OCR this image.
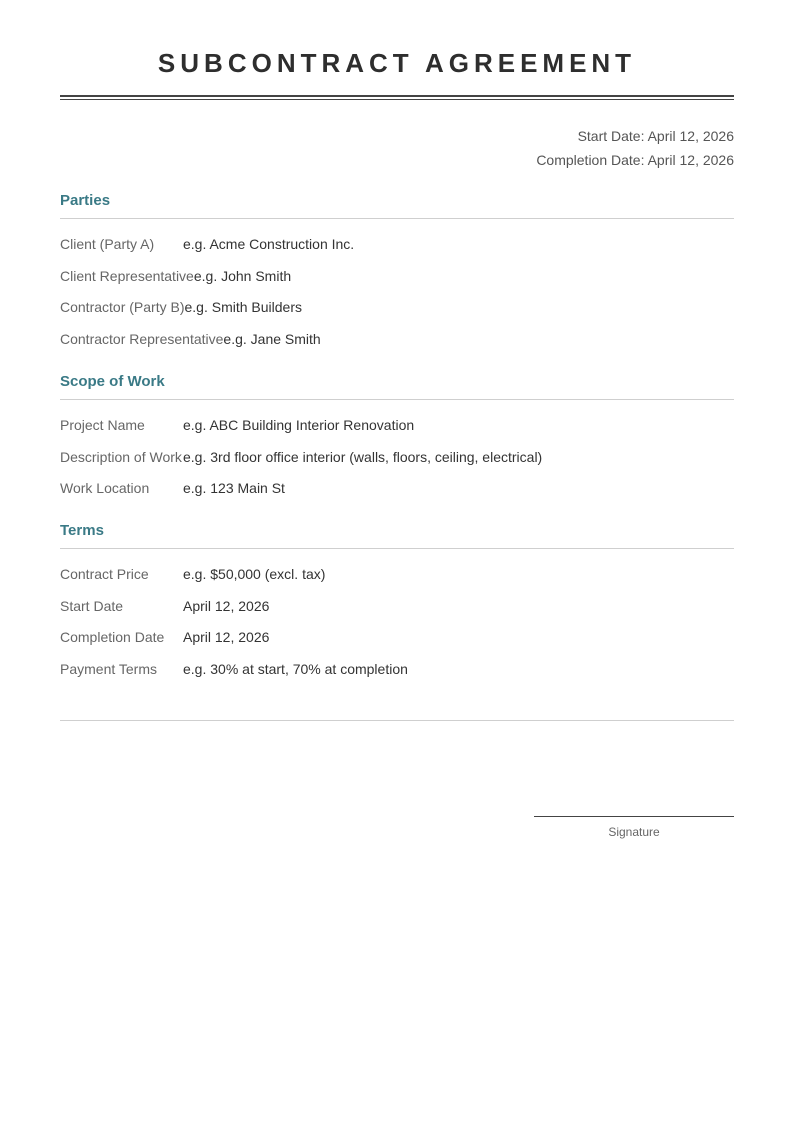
SUBCONTRACT AGREEMENT
Start Date: April 12, 2026
Completion Date: April 12, 2026
Parties
Client (Party A)	e.g. Acme Construction Inc.
Client Representative e.g. John Smith
Contractor (Party B) e.g. Smith Builders
Contractor Representative e.g. Jane Smith
Scope of Work
Project Name	e.g. ABC Building Interior Renovation
Description of Work e.g. 3rd floor office interior (walls, floors, ceiling, electrical)
Work Location	e.g. 123 Main St
Terms
Contract Price	e.g. $50,000 (excl. tax)
Start Date	April 12, 2026
Completion Date	April 12, 2026
Payment Terms	e.g. 30% at start, 70% at completion
Signature
